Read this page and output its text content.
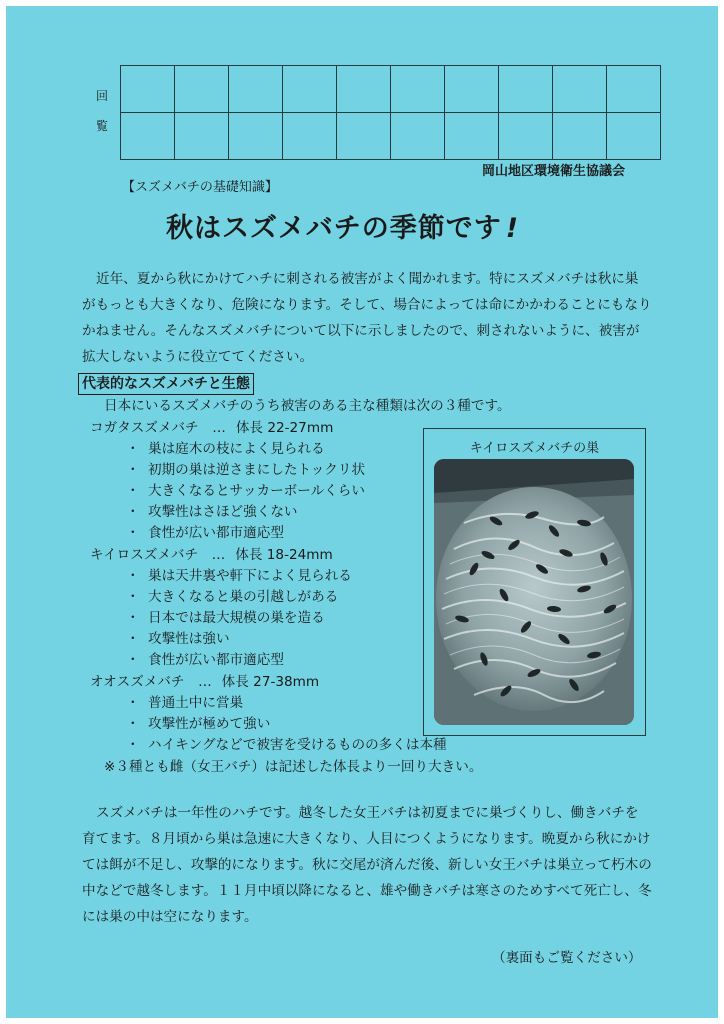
回
覧

岡山地区環境衛生協議会
【スズメバチの基礎知識】
秋はスズメバチの季節です !
近年、夏から秋にかけてハチに刺される被害がよく聞かれます。特にスズメバチは秋に巣がもっとも大きくなり、危険になります。そして、場合によっては命にかかわることにもなりかねません。そんなスズメバチについて以下に示しましたので、刺されないように、被害が拡大しないように役立ててください。
代表的なスズメバチと生態
日本にいるスズメバチのうち被害のある主な種類は次の３種です。
コガタスズメバチ　… 体長 22-27mm
・ 巣は庭木の枝によく見られる
・ 初期の巣は逆さまにしたトックリ状
・ 大きくなるとサッカーボールくらい
・ 攻撃性はさほど強くない
・ 食性が広い都市適応型
キイロスズメバチ　… 体長 18-24mm
・ 巣は天井裏や軒下によく見られる
・ 大きくなると巣の引越しがある
・ 日本では最大規模の巣を造る
・ 攻撃性は強い
・ 食性が広い都市適応型
オオスズメバチ　… 体長 27-38mm
・ 普通土中に営巣
・ 攻撃性が極めて強い
・ ハイキングなどで被害を受けるものの多くは本種
※３種とも雌（女王バチ）は記述した体長より一回り大きい。
キイロスズメバチの巣
スズメバチは一年性のハチです。越冬した女王バチは初夏までに巣づくりし、働きバチを育てます。８月頃から巣は急速に大きくなり、人目につくようになります。晩夏から秋にかけては餌が不足し、攻撃的になります。秋に交尾が済んだ後、新しい女王バチは巣立って朽木の中などで越冬します。１１月中頃以降になると、雄や働きバチは寒さのためすべて死亡し、冬には巣の中は空になります。
（裏面もご覧ください）
